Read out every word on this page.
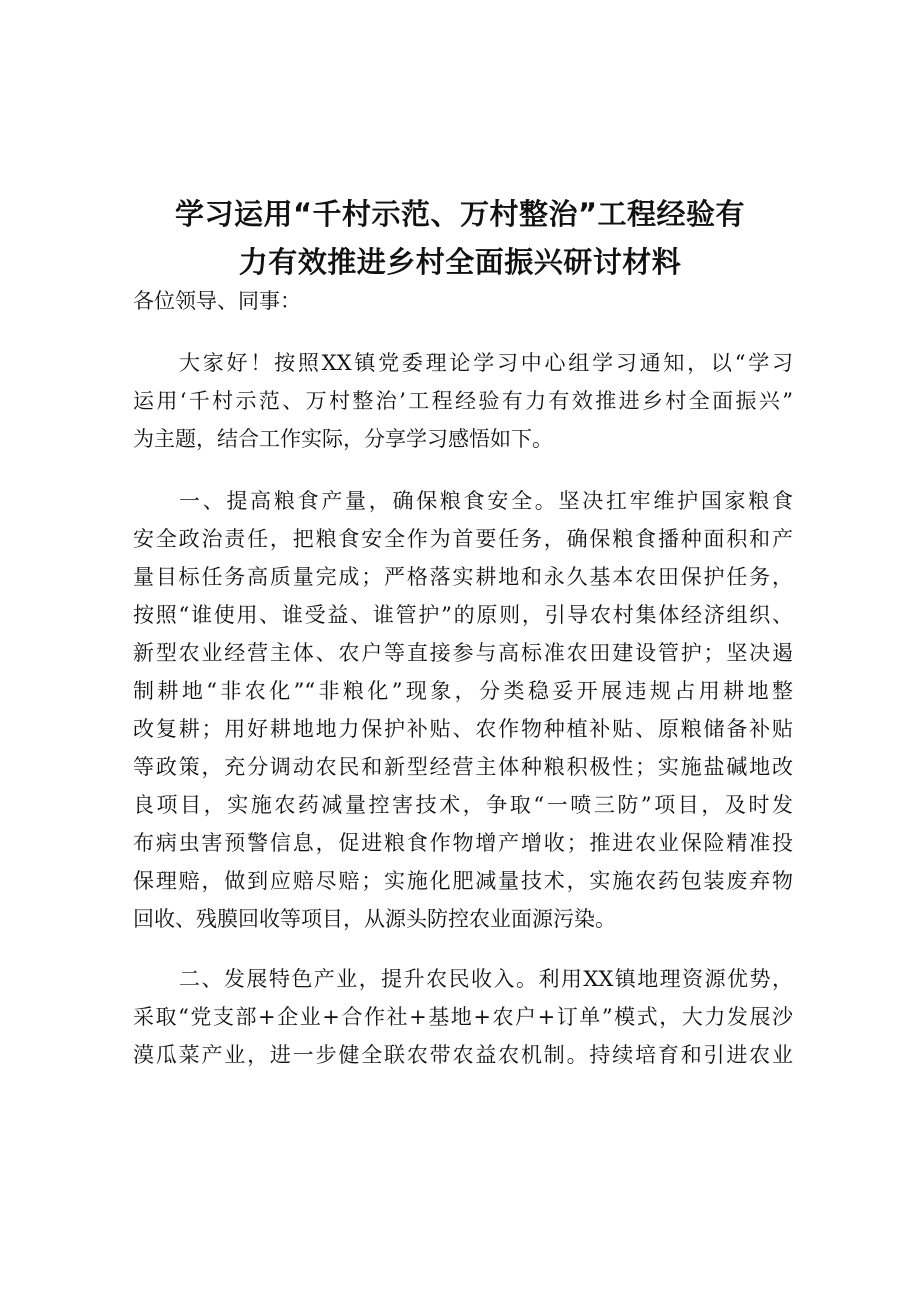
学习运用“千村示范、万村整治”工程经验有
力有效推进乡村全面振兴研讨材料

各位领导、同事：

大家好！按照XX镇党委理论学习中心组学习通知，以“学习
运用‘千村示范、万村整治’工程经验有力有效推进乡村全面振兴”
为主题，结合工作实际，分享学习感悟如下。

一、提高粮食产量，确保粮食安全。坚决扛牢维护国家粮食
安全政治责任，把粮食安全作为首要任务，确保粮食播种面积和产
量目标任务高质量完成；严格落实耕地和永久基本农田保护任务，
按照“谁使用、谁受益、谁管护”的原则，引导农村集体经济组织、
新型农业经营主体、农户等直接参与高标准农田建设管护；坚决遏
制耕地“非农化”“非粮化”现象，分类稳妥开展违规占用耕地整
改复耕；用好耕地地力保护补贴、农作物种植补贴、原粮储备补贴
等政策，充分调动农民和新型经营主体种粮积极性；实施盐碱地改
良项目，实施农药减量控害技术，争取“一喷三防”项目，及时发
布病虫害预警信息，促进粮食作物增产增收；推进农业保险精准投
保理赔，做到应赔尽赔；实施化肥减量技术，实施农药包装废弃物
回收、残膜回收等项目，从源头防控农业面源污染。

二、发展特色产业，提升农民收入。利用XX镇地理资源优势，
采取“党支部+企业+合作社+基地+农户+订单”模式，大力发展沙
漠瓜菜产业，进一步健全联农带农益农机制。持续培育和引进农业
